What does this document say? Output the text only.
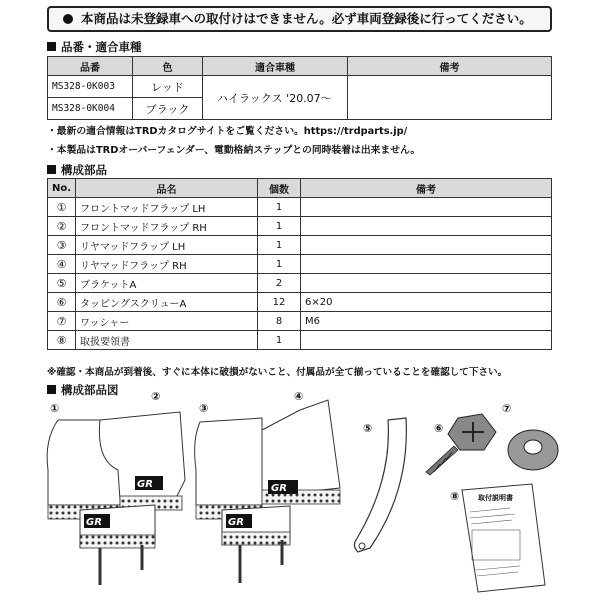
本商品は未登録車への取付けはできません。必ず車両登録後に行ってください。
品番・適合車種
品番	色	適合車種	備考
MS328-0K003	レッド	ハイラックス '20.07～	
MS328-0K004	ブラック		
・最新の適合情報はTRDカタログサイトをご覧ください。https://trdparts.jp/
・本製品はTRDオーバーフェンダー、電動格納ステップとの同時装着は出来ません。
構成部品
No.	品名	個数	備考
①	フロントマッドフラップ LH	1	
②	フロントマッドフラップ RH	1	
③	リヤマッドフラップ LH	1	
④	リヤマッドフラップ RH	1	
⑤	ブラケットA	2	
⑥	タッピングスクリューA	12	6×20
⑦	ワッシャー	8	M6
⑧	取扱要領書	1	
※確認・本商品が到着後、すぐに本体に破損がないこと、付属品が全て揃っていることを確認して下さい。
構成部品図
GR
GR
GR
GR
取付説明書
①
②
③
④
⑤	⑥
⑦
⑧
